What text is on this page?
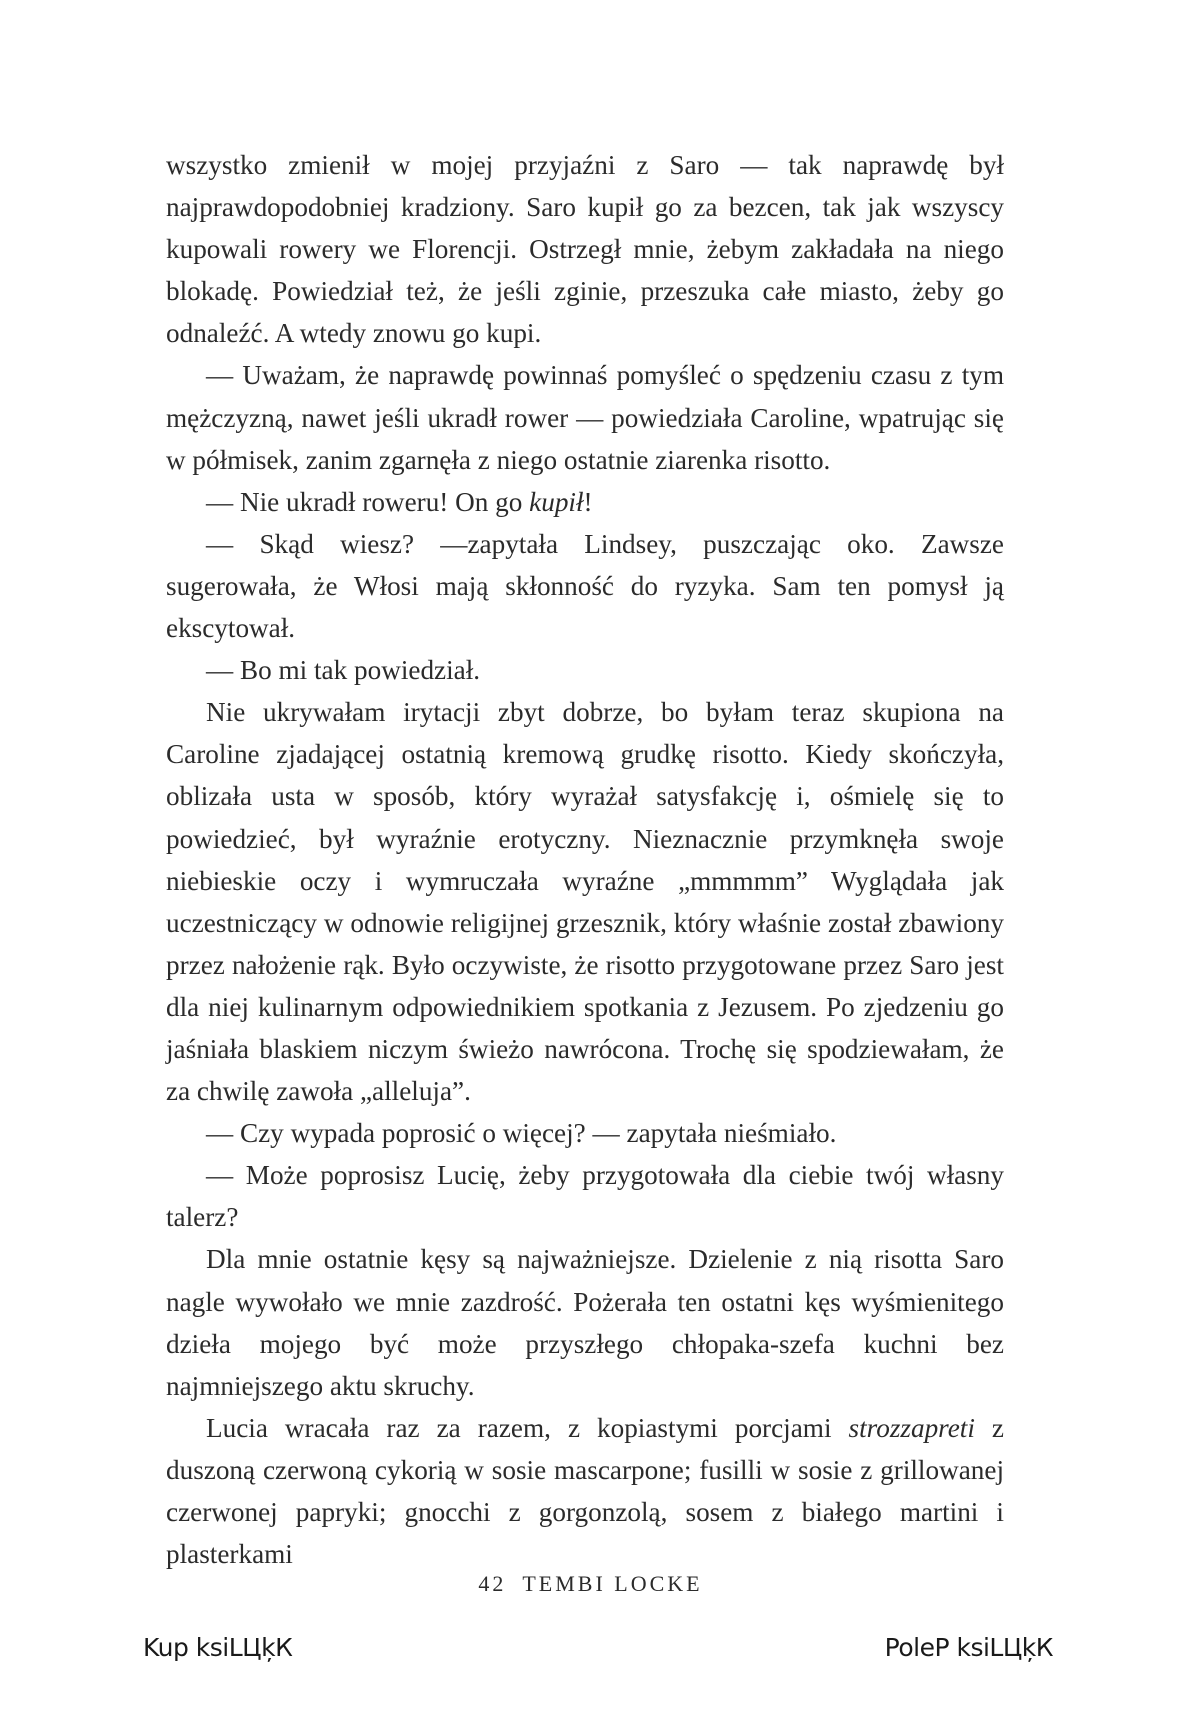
wszystko zmienił w mojej przyjaźni z Saro — tak naprawdę był najprawdopodobniej kradziony. Saro kupił go za bezcen, tak jak wszyscy kupowali rowery we Florencji. Ostrzegł mnie, żebym zakładała na niego blokadę. Powiedział też, że jeśli zginie, przeszuka całe miasto, żeby go odnaleźć. A wtedy znowu go kupi.

— Uważam, że naprawdę powinnaś pomyśleć o spędzeniu czasu z tym mężczyzną, nawet jeśli ukradł rower — powiedziała Caroline, wpatrując się w półmisek, zanim zgarnęła z niego ostatnie ziarenka risotto.

— Nie ukradł roweru! On go kupił!

— Skąd wiesz? —zapytała Lindsey, puszczając oko. Zawsze sugerowała, że Włosi mają skłonność do ryzyka. Sam ten pomysł ją ekscytował.

— Bo mi tak powiedział.

Nie ukrywałam irytacji zbyt dobrze, bo byłam teraz skupiona na Caroline zjadającej ostatnią kremową grudkę risotto. Kiedy skończyła, oblizała usta w sposób, który wyrażał satysfakcję i, ośmielę się to powiedzieć, był wyraźnie erotyczny. Nieznacznie przymknęła swoje niebieskie oczy i wymruczała wyraźne „mmmmm” Wyglądała jak uczestniczący w odnowie religijnej grzesznik, który właśnie został zbawiony przez nałożenie rąk. Było oczywiste, że risotto przygotowane przez Saro jest dla niej kulinarnym odpowiednikiem spotkania z Jezusem. Po zjedzeniu go jaśniała blaskiem niczym świeżo nawrócona. Trochę się spodziewałam, że za chwilę zawoła „alleluja”.

— Czy wypada poprosić o więcej? — zapytała nieśmiało.

— Może poprosisz Lucię, żeby przygotowała dla ciebie twój własny talerz?

Dla mnie ostatnie kęsy są najważniejsze. Dzielenie z nią risotta Saro nagle wywołało we mnie zazdrość. Pożerała ten ostatni kęs wyśmienitego dzieła mojego być może przyszłego chłopaka-szefa kuchni bez najmniejszego aktu skruchy.

Lucia wracała raz za razem, z kopiastymi porcjami strozzapreti z duszoną czerwoną cykorią w sosie mascarpone; fusilli w sosie z grillowanej czerwonej papryki; gnocchi z gorgonzolą, sosem z białego martini i plasterkami

42 TEMBI LOCKE
Kup ksiLЦķК	PoleР ksiLЦķК
